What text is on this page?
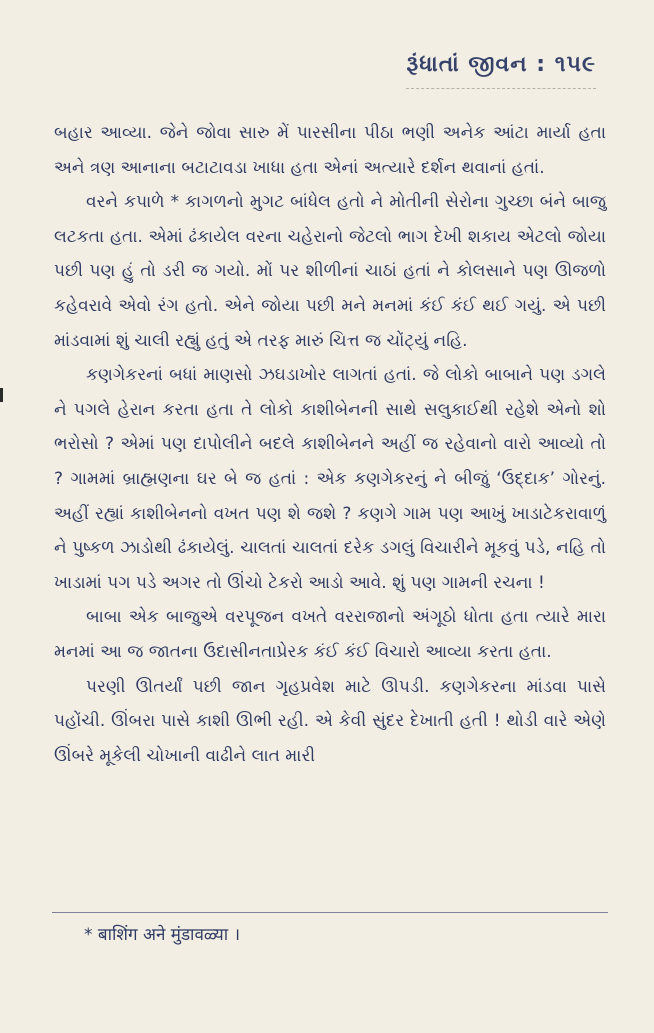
રૂંધાતાં જીવન : ૧૫૯

બહાર આવ્યા. જેને જોવા સારુ મેં પારસીના પીઠા ભણી અનેક આંટા માર્યા હતા અને ત્રણ આનાના બટાટાવડા ખાધા હતા એનાં અત્યારે દર્શન થવાનાં હતાં.

વરને કપાળે * કાગળનો મુગટ બાંધેલ હતો ને મોતીની સેરોના ગુચ્છા બંને બાજુ લટકતા હતા. એમાં ઢંકાયેલ વરના ચહેરાનો જેટલો ભાગ દેખી શકાય એટલો જોયા પછી પણ હું તો ડરી જ ગયો. મોં પર શીળીનાં ચાઠાં હતાં ને કોલસાને પણ ઊજળો કહેવરાવે એવો રંગ હતો. એને જોયા પછી મને મનમાં કંઈ કંઈ થઈ ગયું. એ પછી માંડવામાં શું ચાલી રહ્યું હતું એ તરફ મારું ચિત્ત જ ચોંટ્યું નહિ.

કણગેકરનાં બધાં માણસો ઝઘડાખોર લાગતાં હતાં. જે લોકો બાબાને પણ ડગલે ને પગલે હેરાન કરતા હતા તે લોકો કાશીબેનની સાથે સલુકાઈથી રહેશે એનો શો ભરોસો ? એમાં પણ દાપોલીને બદલે કાશીબેનને અહીં જ રહેવાનો વારો આવ્યો તો ? ગામમાં બ્રાહ્મણના ઘર બે જ હતાં : એક કણગેકરનું ને બીજું ‘ઉદ્દાક’ ગોરનું. અહીં રહ્યાં કાશીબેનનો વખત પણ શે જશે ? કણગે ગામ પણ આખું ખાડાટેકરાવાળું ને પુષ્કળ ઝાડોથી ઢંકાયેલું. ચાલતાં ચાલતાં દરેક ડગલું વિચારીને મૂકવું પડે, નહિ તો ખાડામાં પગ પડે અગર તો ઊંચો ટેકરો આડો આવે. શું પણ ગામની રચના !

બાબા એક બાજુએ વરપૂજન વખતે વરરાજાનો અંગૂઠો ધોતા હતા ત્યારે મારા મનમાં આ જ જાતના ઉદાસીનતાપ્રેરક કંઈ કંઈ વિચારો આવ્યા કરતા હતા.

પરણી ઊતર્યાં પછી જાન ગૃહપ્રવેશ માટે ઊપડી. કણગેકરના માંડવા પાસે પહોંચી. ઊંબરા પાસે કાશી ઊભી રહી. એ કેવી સુંદર દેખાતી હતી ! થોડી વારે એણે ઊંબરે મૂકેલી ચોખાની વાઢીને લાત મારી

* बाशिंग अने मुंडावळ्या ।
